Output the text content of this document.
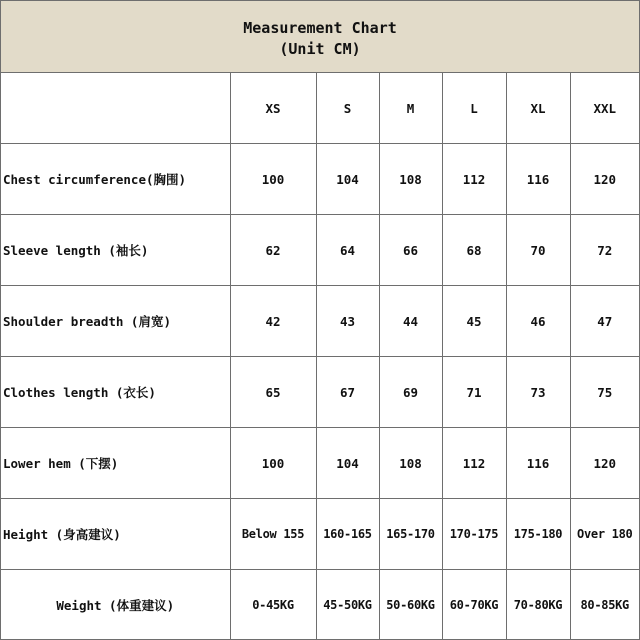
Measurement Chart
(Unit CM)
	XS	S	M	L	XL	XXL
Chest circumference(胸围)	100	104	108	112	116	120
Sleeve length (袖长)	62	64	66	68	70	72
Shoulder breadth (肩宽)	42	43	44	45	46	47
Clothes length (衣长)	65	67	69	71	73	75
Lower hem (下摆)	100	104	108	112	116	120
Height (身高建议)	Below 155	160-165	165-170	170-175	175-180	Over 180
Weight (体重建议)	0-45KG	45-50KG	50-60KG	60-70KG	70-80KG	80-85KG
